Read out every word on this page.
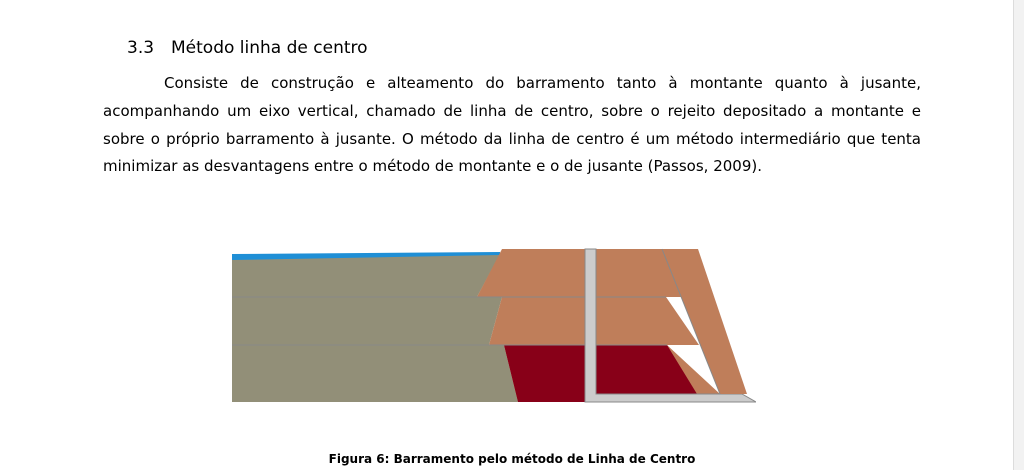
3.3 Método linha de centro

Consiste de construção e alteamento do barramento tanto à montante quanto à jusante, acompanhando um eixo vertical, chamado de linha de centro, sobre o rejeito depositado a montante e sobre o próprio barramento à jusante. O método da linha de centro é um método intermediário que tenta minimizar as desvantagens entre o método de montante e o de jusante (Passos, 2009).

Figura 6: Barramento pelo método de Linha de Centro
